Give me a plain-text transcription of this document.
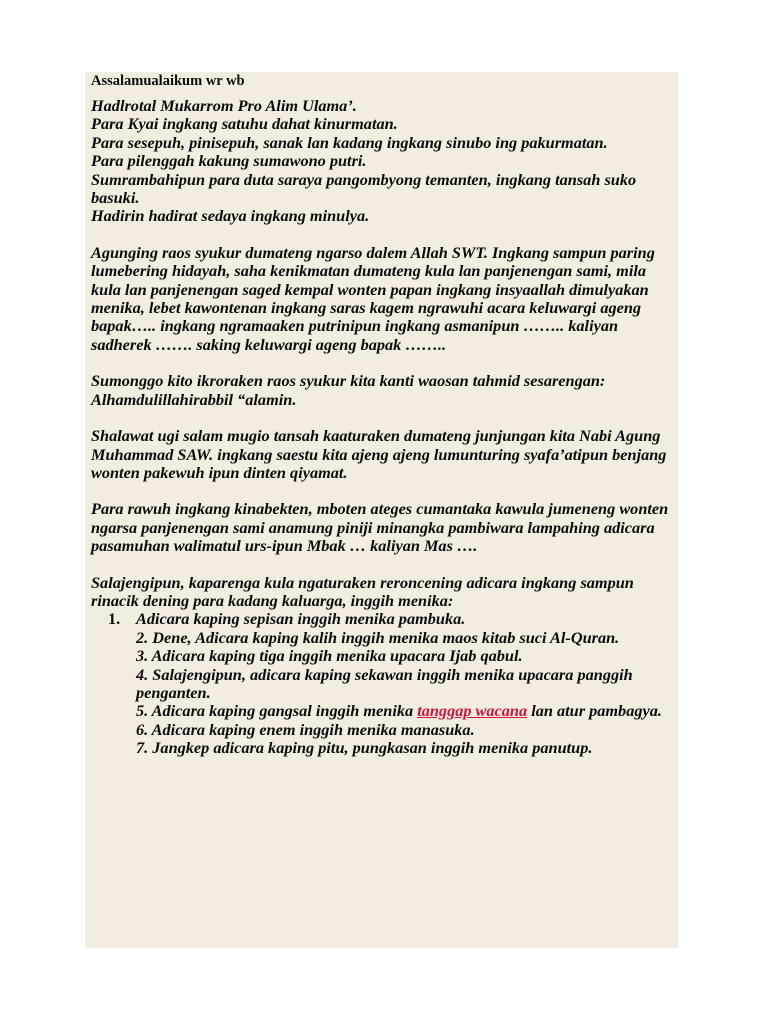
Assalamualaikum wr wb
Hadlrotal Mukarrom Pro Alim Ulama’.
Para Kyai ingkang satuhu dahat kinurmatan.
Para sesepuh, pinisepuh, sanak lan kadang ingkang sinubo ing pakurmatan.
Para pilenggah kakung sumawono putri.
Sumrambahipun para duta saraya pangombyong temanten, ingkang tansah suko basuki.
Hadirin hadirat sedaya ingkang minulya.
Agunging raos syukur dumateng ngarso dalem Allah SWT. Ingkang sampun paring lumebering hidayah, saha kenikmatan dumateng kula lan panjenengan sami, mila kula lan panjenengan saged kempal wonten papan ingkang insyaallah dimulyakan menika, lebet kawontenan ingkang saras kagem ngrawuhi acara keluwargi ageng bapak….. ingkang ngramaaken putrinipun ingkang asmanipun …….. kaliyan sadherek ……. saking keluwargi ageng bapak ……..
Sumonggo kito ikroraken raos syukur kita kanti waosan tahmid sesarengan: Alhamdulillahirabbil “alamin.
Shalawat ugi salam mugio tansah kaaturaken dumateng junjungan kita Nabi Agung Muhammad SAW. ingkang saestu kita ajeng ajeng lumunturing syafa’atipun benjang wonten pakewuh ipun dinten qiyamat.
Para rawuh ingkang kinabekten, mboten ateges cumantaka kawula jumeneng wonten ngarsa panjenengan sami anamung piniji minangka pambiwara lampahing adicara pasamuhan walimatul urs-ipun Mbak … kaliyan Mas ….
Salajengipun, kaparenga kula ngaturaken reroncening adicara ingkang sampun rinacik dening para kadang kaluarga, inggih menika:
1. Adicara kaping sepisan inggih menika pambuka.
2. Dene, Adicara kaping kalih inggih menika maos kitab suci Al-Quran.
3. Adicara kaping tiga inggih menika upacara Ijab qabul.
4. Salajengipun, adicara kaping sekawan inggih menika upacara panggih penganten.
5. Adicara kaping gangsal inggih menika tanggap wacana lan atur pambagya.
6. Adicara kaping enem inggih menika manasuka.
7. Jangkep adicara kaping pitu, pungkasan inggih menika panutup.
